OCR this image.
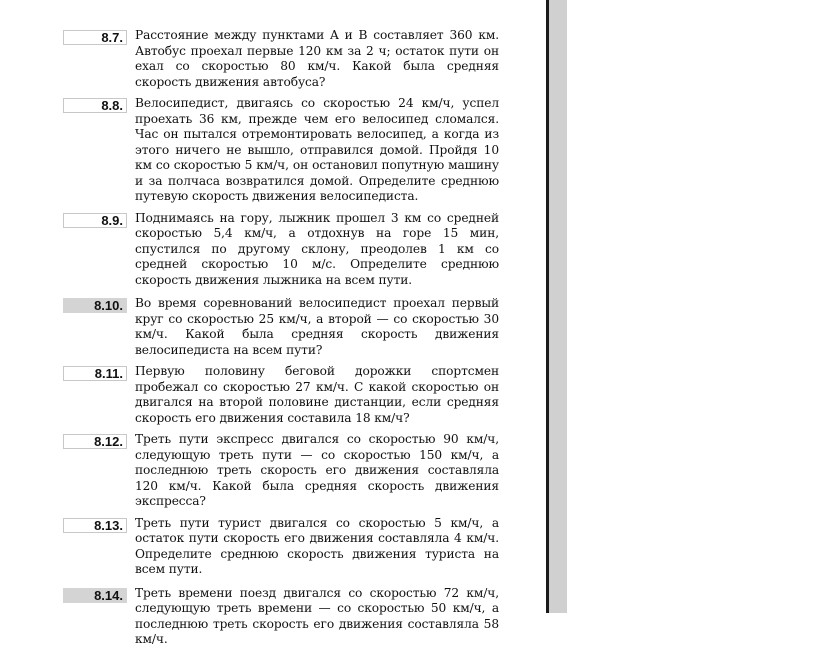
8.7. Расстояние между пунктами A и B составляет 360 км. Автобус проехал первые 120 км за 2 ч; остаток пути он ехал со скоростью 80 км/ч. Какой была средняя скорость движения автобуса?
8.8. Велосипедист, двигаясь со скоростью 24 км/ч, успел проехать 36 км, прежде чем его велосипед сломался. Час он пытался отремонтировать велосипед, а когда из этого ничего не вышло, отправился домой. Пройдя 10 км со скоростью 5 км/ч, он остановил попутную машину и за полчаса возвратился домой. Определите среднюю путевую скорость движения велосипедиста.
8.9. Поднимаясь на гору, лыжник прошел 3 км со средней скоростью 5,4 км/ч, а отдохнув на горе 15 мин, спустился по другому склону, преодолев 1 км со средней скоростью 10 м/с. Определите среднюю скорость движения лыжника на всем пути.
8.10. Во время соревнований велосипедист проехал первый круг со скоростью 25 км/ч, а второй — со скоростью 30 км/ч. Какой была средняя скорость движения велосипедиста на всем пути?
8.11. Первую половину беговой дорожки спортсмен пробежал со скоростью 27 км/ч. С какой скоростью он двигался на второй половине дистанции, если средняя скорость его движения составила 18 км/ч?
8.12. Треть пути экспресс двигался со скоростью 90 км/ч, следующую треть пути — со скоростью 150 км/ч, а последнюю треть скорость его движения составляла 120 км/ч. Какой была средняя скорость движения экспресса?
8.13. Треть пути турист двигался со скоростью 5 км/ч, а остаток пути скорость его движения составляла 4 км/ч. Определите среднюю скорость движения туриста на всем пути.
8.14. Треть времени поезд двигался со скоростью 72 км/ч, следующую треть времени — со скоростью 50 км/ч, а последнюю треть скорость его движения составляла 58 км/ч.
